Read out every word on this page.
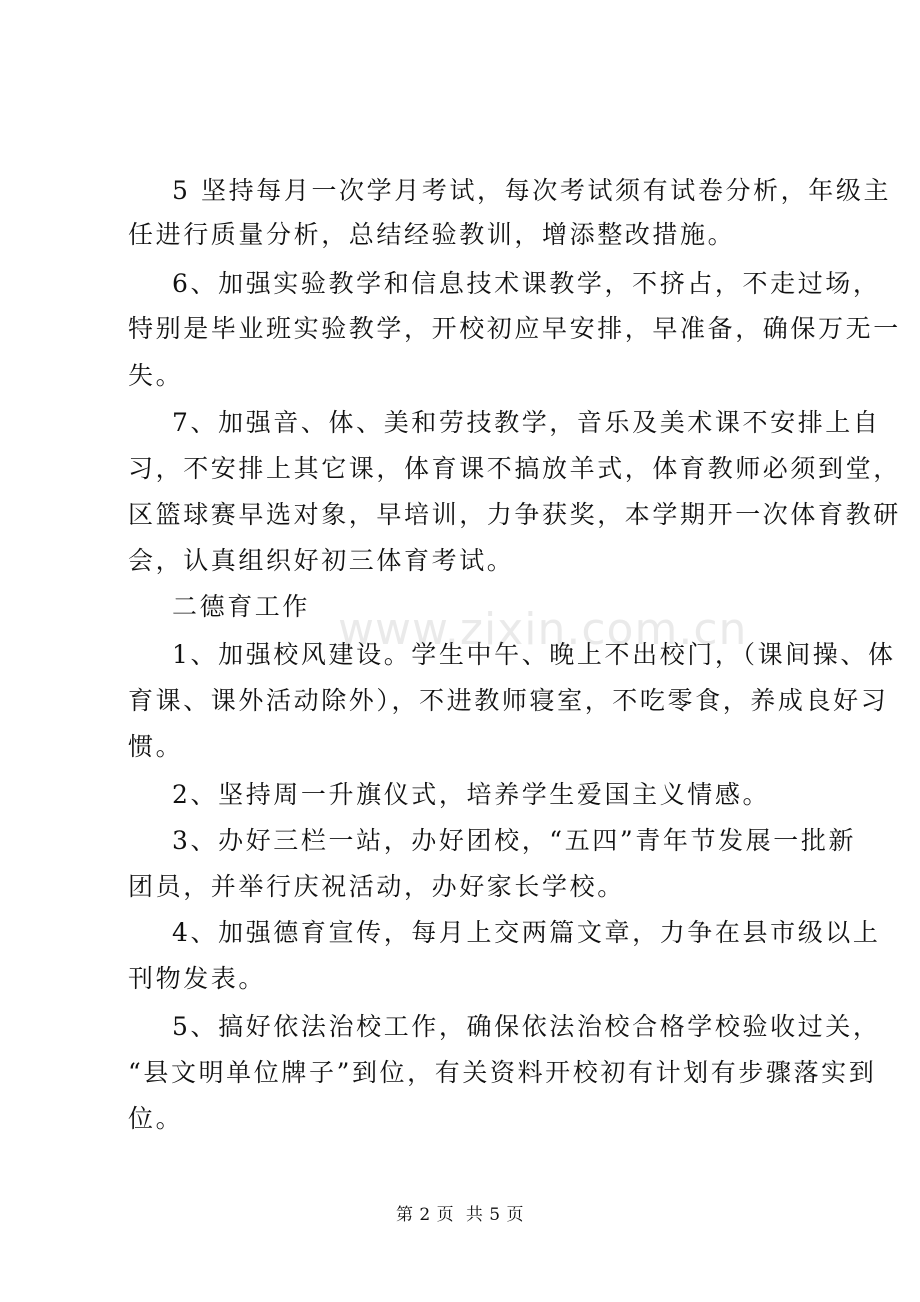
5 坚持每月一次学月考试，每次考试须有试卷分析，年级主
任进行质量分析，总结经验教训，增添整改措施。
6、加强实验教学和信息技术课教学，不挤占，不走过场，
特别是毕业班实验教学，开校初应早安排，早准备，确保万无一
失。
7、加强音、体、美和劳技教学，音乐及美术课不安排上自
习，不安排上其它课，体育课不搞放羊式，体育教师必须到堂，
区篮球赛早选对象，早培训，力争获奖，本学期开一次体育教研
会，认真组织好初三体育考试。
二德育工作
1、加强校风建设。学生中午、晚上不出校门，（课间操、体
育课、课外活动除外），不进教师寝室，不吃零食，养成良好习
惯。
2、坚持周一升旗仪式，培养学生爱国主义情感。
3、办好三栏一站，办好团校，“五四”青年节发展一批新
团员，并举行庆祝活动，办好家长学校。
4、加强德育宣传，每月上交两篇文章，力争在县市级以上
刊物发表。
5、搞好依法治校工作，确保依法治校合格学校验收过关，
“县文明单位牌子”到位，有关资料开校初有计划有步骤落实到
位。
www.zixin.com.cn
第 2 页  共 5 页
